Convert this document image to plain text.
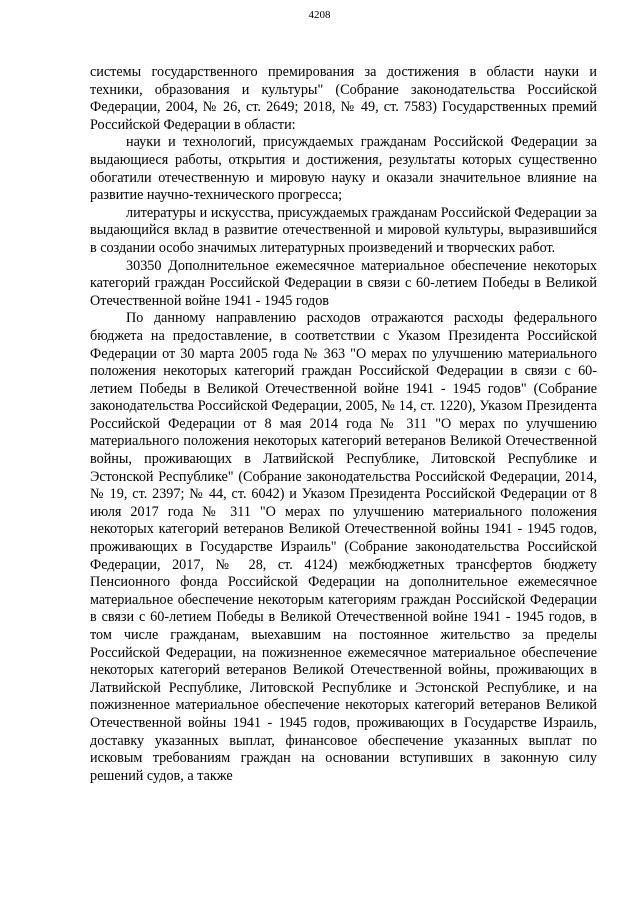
4208

системы государственного премирования за достижения в области науки и техники, образования и культуры" (Собрание законодательства Российской Федерации, 2004, № 26, ст. 2649; 2018, № 49, ст. 7583) Государственных премий Российской Федерации в области:

науки и технологий, присуждаемых гражданам Российской Федерации за выдающиеся работы, открытия и достижения, результаты которых существенно обогатили отечественную и мировую науку и оказали значительное влияние на развитие научно-технического прогресса;

литературы и искусства, присуждаемых гражданам Российской Федерации за выдающийся вклад в развитие отечественной и мировой культуры, выразившийся в создании особо значимых литературных произведений и творческих работ.

30350 Дополнительное ежемесячное материальное обеспечение некоторых категорий граждан Российской Федерации в связи с 60-летием Победы в Великой Отечественной войне 1941 - 1945 годов

По данному направлению расходов отражаются расходы федерального бюджета на предоставление, в соответствии с Указом Президента Российской Федерации от 30 марта 2005 года № 363 "О мерах по улучшению материального положения некоторых категорий граждан Российской Федерации в связи с 60-летием Победы в Великой Отечественной войне 1941 - 1945 годов" (Собрание законодательства Российской Федерации, 2005, № 14, ст. 1220), Указом Президента Российской Федерации от 8 мая 2014 года № 311 "О мерах по улучшению материального положения некоторых категорий ветеранов Великой Отечественной войны, проживающих в Латвийской Республике, Литовской Республике и Эстонской Республике" (Собрание законодательства Российской Федерации, 2014, № 19, ст. 2397; № 44, ст. 6042) и Указом Президента Российской Федерации от 8 июля 2017 года № 311 "О мерах по улучшению материального положения некоторых категорий ветеранов Великой Отечественной войны 1941 - 1945 годов, проживающих в Государстве Израиль" (Собрание законодательства Российской Федерации, 2017, № 28, ст. 4124) межбюджетных трансфертов бюджету Пенсионного фонда Российской Федерации на дополнительное ежемесячное материальное обеспечение некоторым категориям граждан Российской Федерации в связи с 60-летием Победы в Великой Отечественной войне 1941 - 1945 годов, в том числе гражданам, выехавшим на постоянное жительство за пределы Российской Федерации, на пожизненное ежемесячное материальное обеспечение некоторых категорий ветеранов Великой Отечественной войны, проживающих в Латвийской Республике, Литовской Республике и Эстонской Республике, и на пожизненное материальное обеспечение некоторых категорий ветеранов Великой Отечественной войны 1941 - 1945 годов, проживающих в Государстве Израиль, доставку указанных выплат, финансовое обеспечение указанных выплат по исковым требованиям граждан на основании вступивших в законную силу решений судов, а также
